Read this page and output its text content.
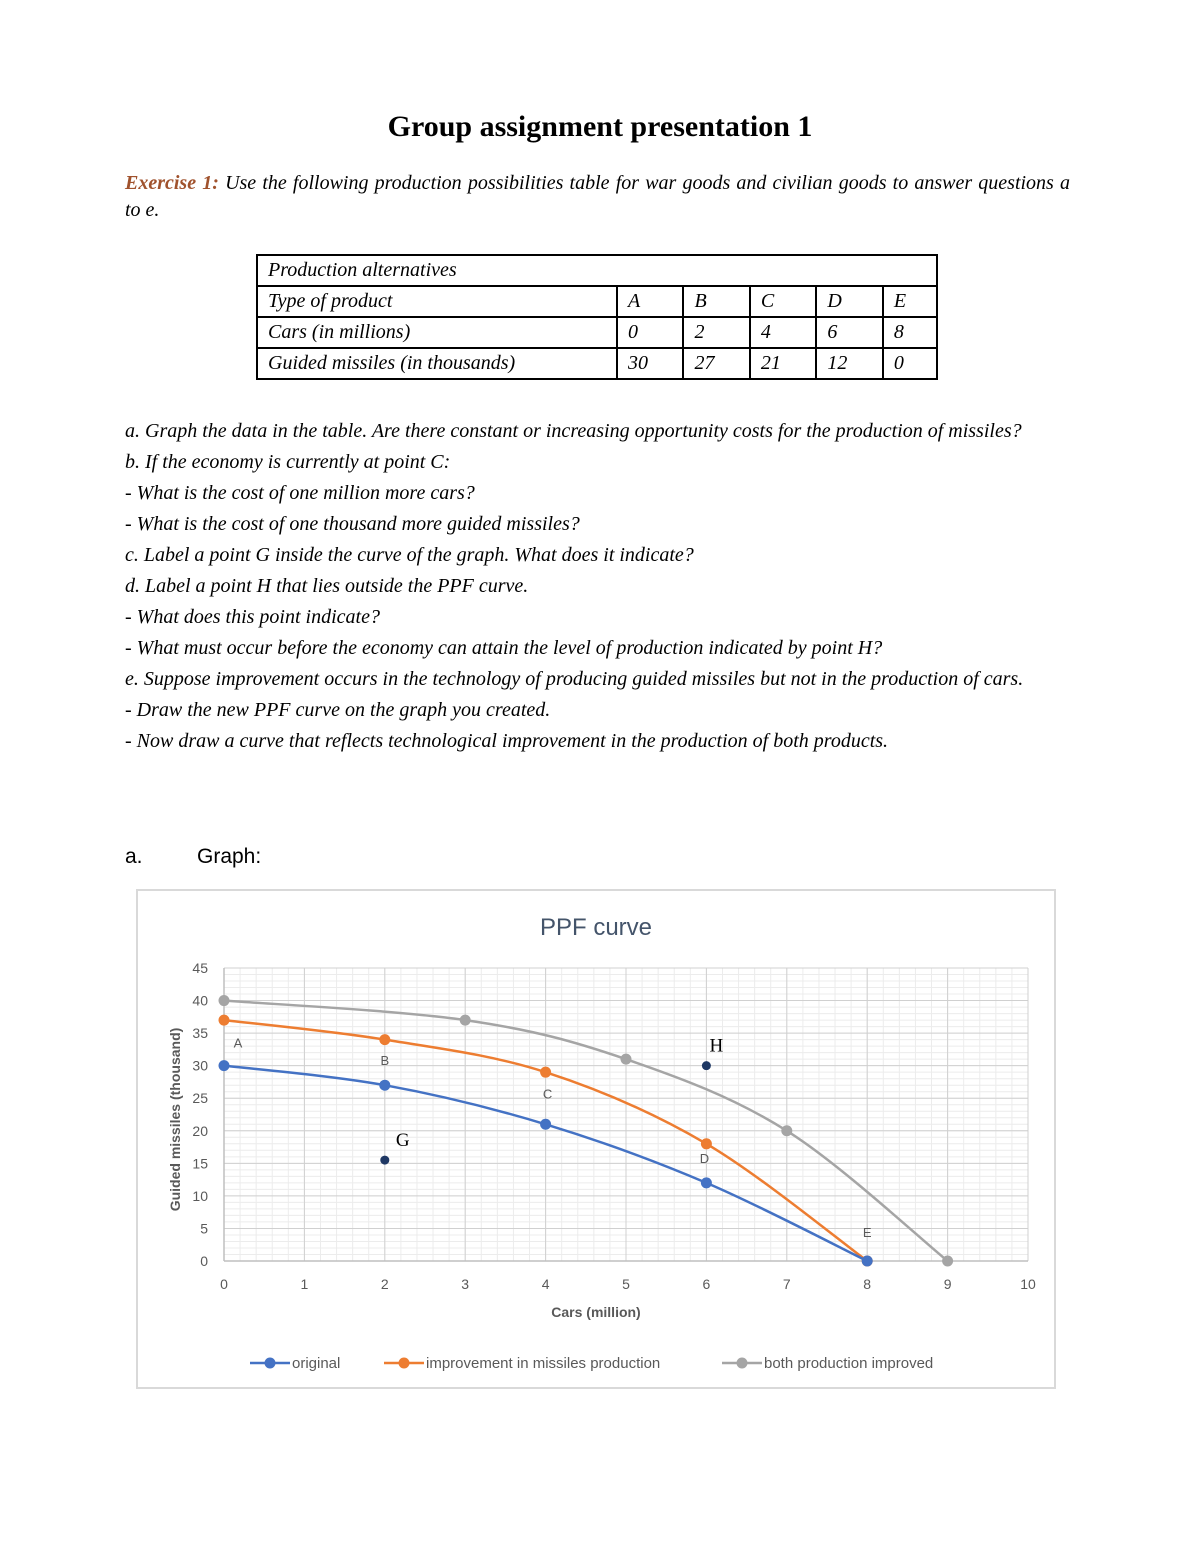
Group assignment presentation 1
Exercise 1: Use the following production possibilities table for war goods and civilian goods to answer questions a to e.
Production alternatives					
Type of product	A	B	C	D	E
Cars (in millions)	0	2	4	6	8
Guided missiles (in thousands)	30	27	21	12	0
a. Graph the data in the table. Are there constant or increasing opportunity costs for the production of missiles?
b. If the economy is currently at point C:
- What is the cost of one million more cars?
- What is the cost of one thousand more guided missiles?
c. Label a point G inside the curve of the graph. What does it indicate?
d. Label a point H that lies outside the PPF curve.
- What does this point indicate?
- What must occur before the economy can attain the level of production indicated by point H?
e. Suppose improvement occurs in the technology of producing guided missiles but not in the production of cars.
- Draw the new PPF curve on the graph you created.
- Now draw a curve that reflects technological improvement in the production of both products.
a.	Graph:
0	1	2	3	4	5	6	7	8	9	10
0
5
10
15
20
25
30
35
40
45
PPF curve
Cars (million)
Guided missiles (thousand)	A
B
C
D
E
G
H
original	improvement in missiles production	both production improved
